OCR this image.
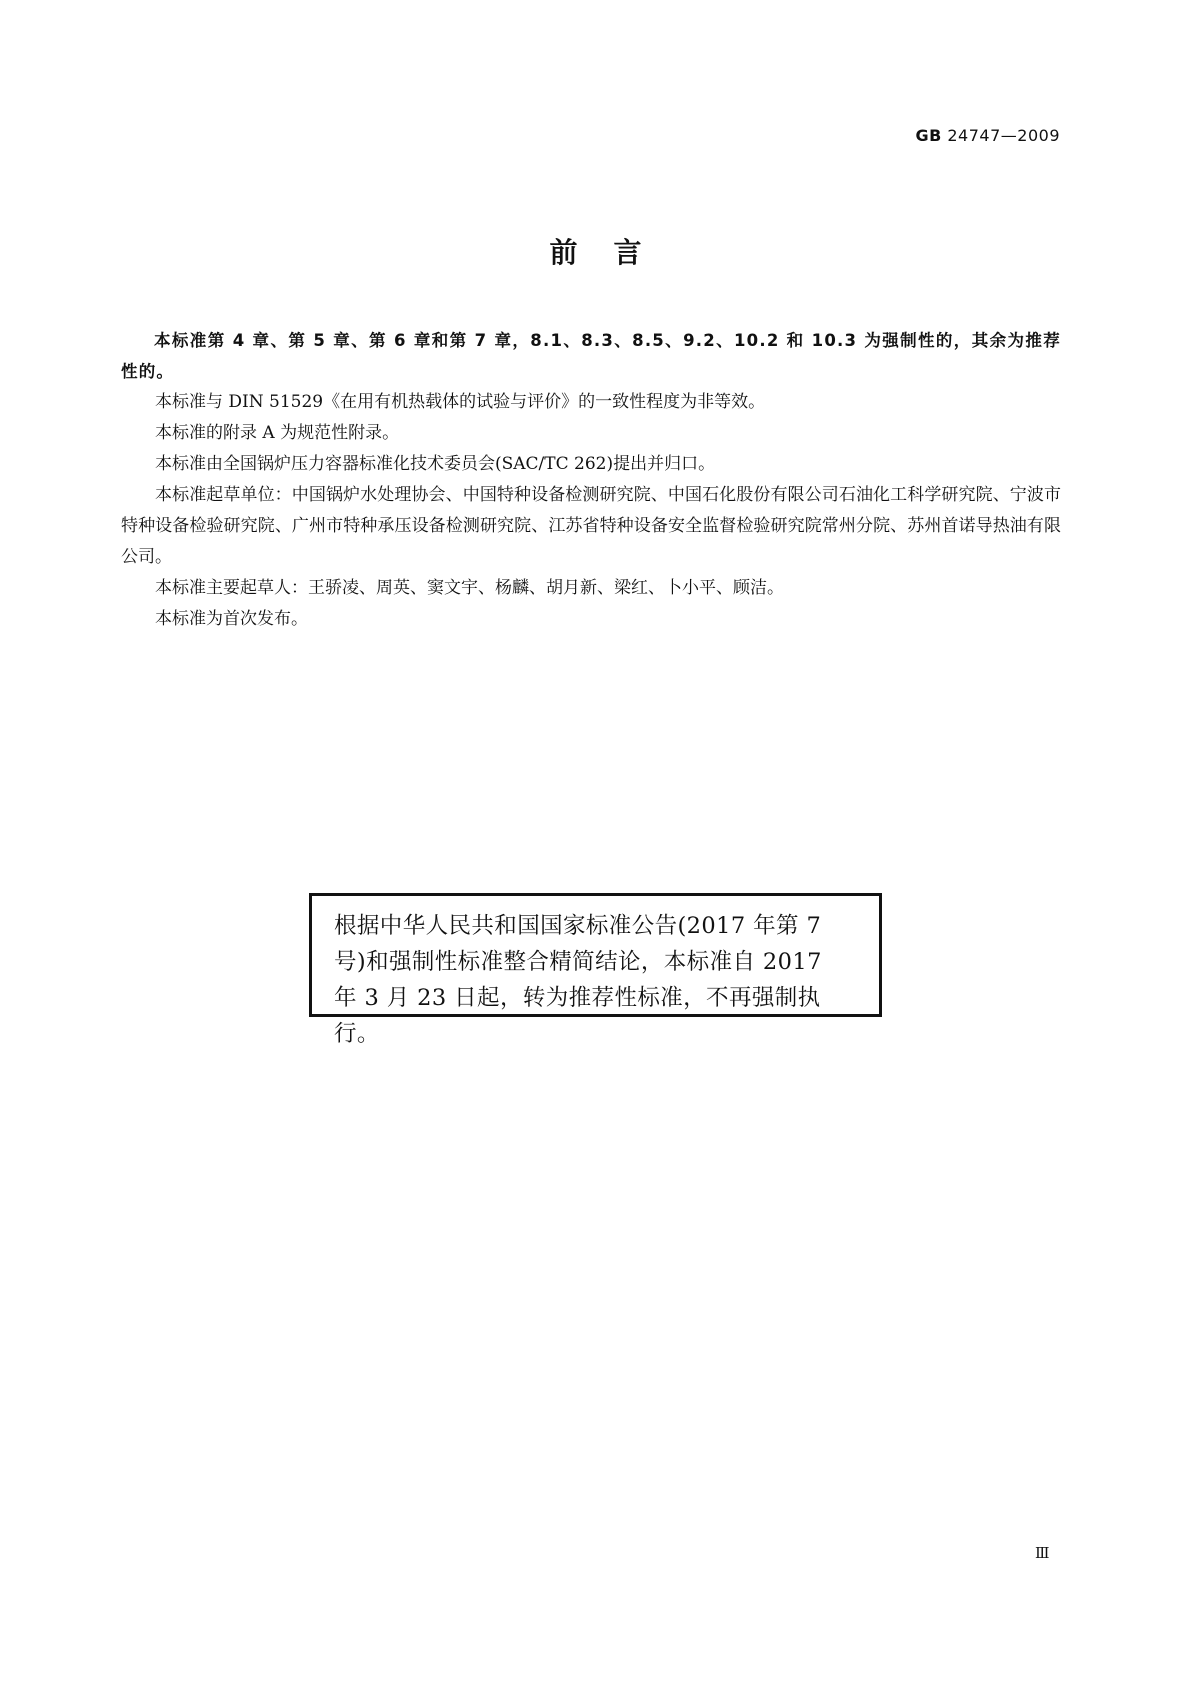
GB 24747—2009
前言

本标准第 4 章、第 5 章、第 6 章和第 7 章，8.1、8.3、8.5、9.2、10.2 和 10.3 为强制性的，其余为推荐性的。

本标准与 DIN 51529《在用有机热载体的试验与评价》的一致性程度为非等效。

本标准的附录 A 为规范性附录。

本标准由全国锅炉压力容器标准化技术委员会(SAC/TC 262)提出并归口。

本标准起草单位：中国锅炉水处理协会、中国特种设备检测研究院、中国石化股份有限公司石油化工科学研究院、宁波市特种设备检验研究院、广州市特种承压设备检测研究院、江苏省特种设备安全监督检验研究院常州分院、苏州首诺导热油有限公司。

本标准主要起草人：王骄凌、周英、窦文宇、杨麟、胡月新、梁红、卜小平、顾洁。

本标准为首次发布。

根据中华人民共和国国家标准公告(2017 年第 7

号)和强制性标准整合精简结论，本标准自 2017

年 3 月 23 日起，转为推荐性标准，不再强制执行。

Ⅲ
